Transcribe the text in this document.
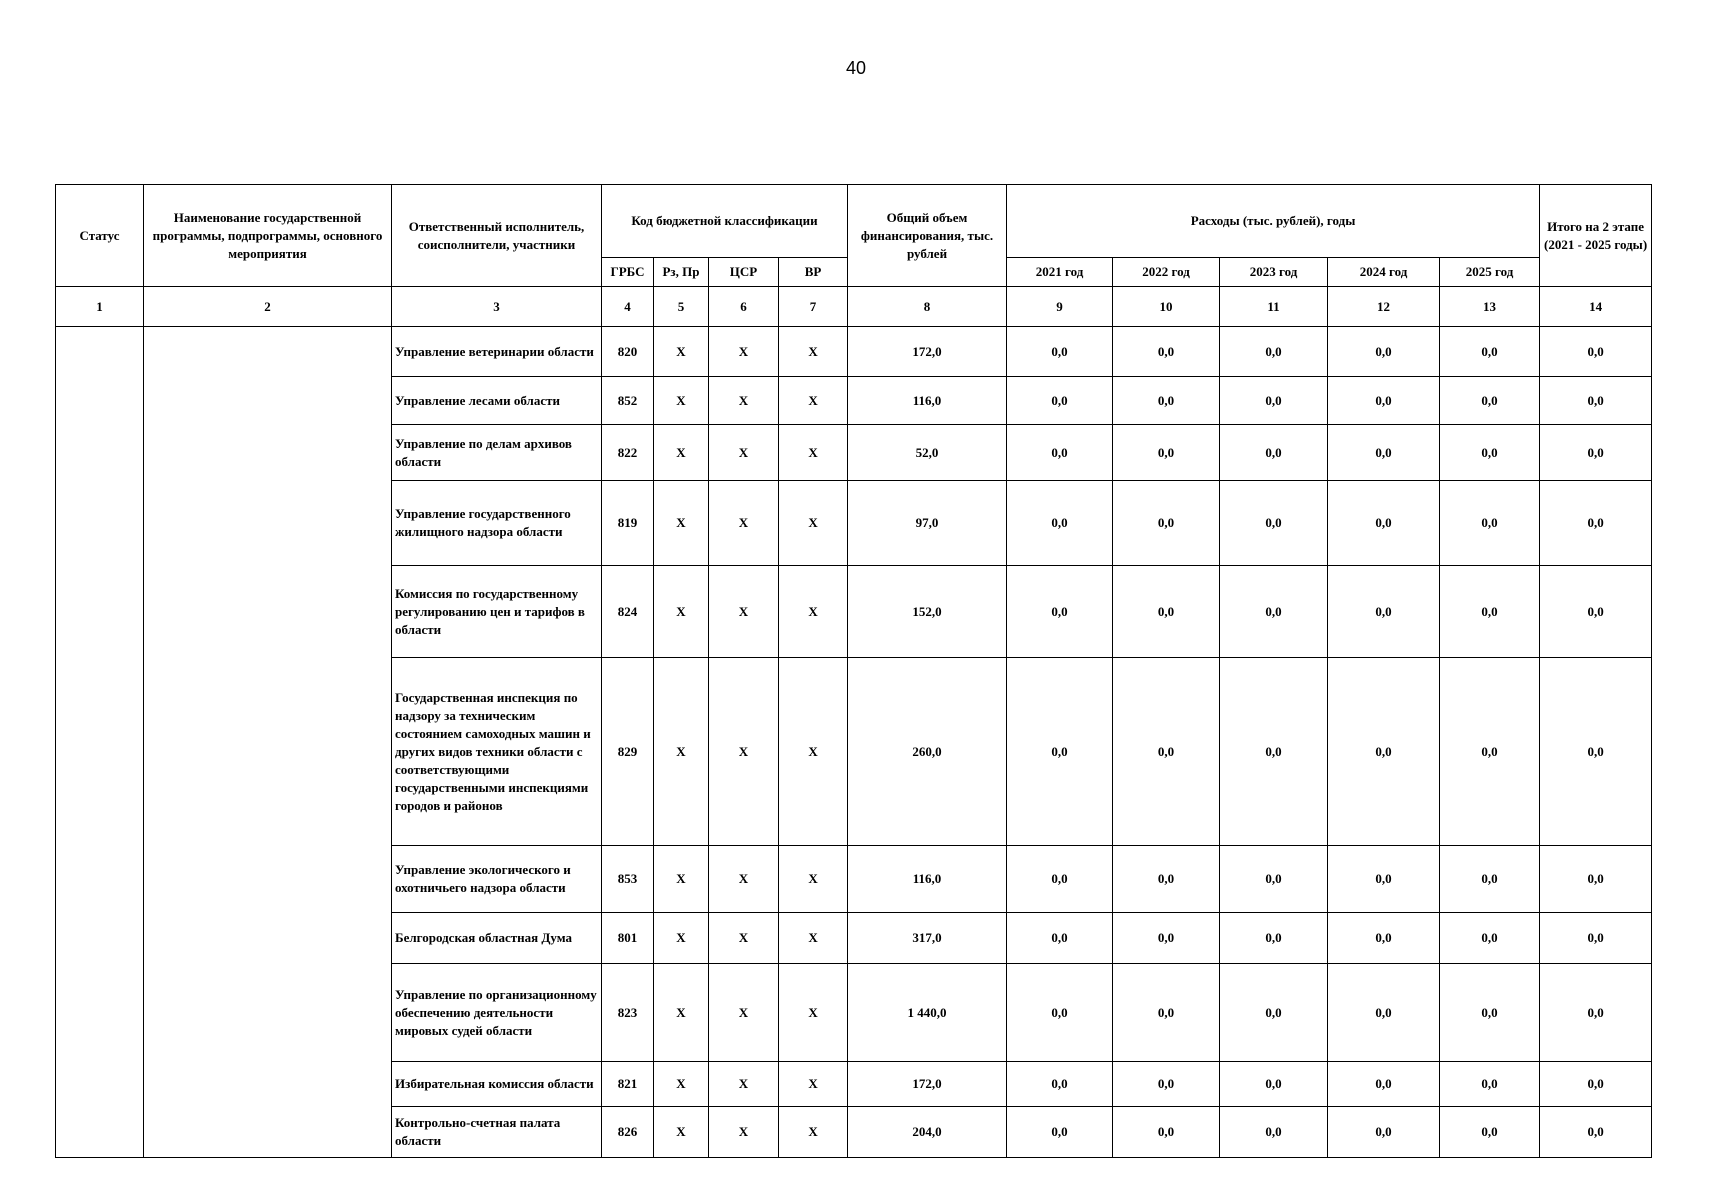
40
Статус	Наименование государственной программы, подпрограммы, основного мероприятия	Ответственный исполнитель, соисполнители, участники	Код бюджетной классификации				Общий объем финансирования, тыс. рублей	Расходы (тыс. рублей), годы					Итого на 2 этапе (2021 - 2025 годы)
			ГРБС	Рз, Пр	ЦСР	ВР		2021 год	2022 год	2023 год	2024 год	2025 год	
1	2	3	4	5	6	7	8	9	10	11	12	13	14
		Управление ветеринарии области	820	X	X	X	172,0	0,0	0,0	0,0	0,0	0,0	0,0
		Управление лесами области	852	X	X	X	116,0	0,0	0,0	0,0	0,0	0,0	0,0
		Управление по делам архивов области	822	X	X	X	52,0	0,0	0,0	0,0	0,0	0,0	0,0
		Управление государственного жилищного надзора области	819	X	X	X	97,0	0,0	0,0	0,0	0,0	0,0	0,0
		Комиссия по государственному регулированию цен и тарифов в области	824	X	X	X	152,0	0,0	0,0	0,0	0,0	0,0	0,0
		Государственная инспекция по надзору за техническим состоянием самоходных машин и других видов техники области с соответствующими государственными инспекциями городов и районов	829	X	X	X	260,0	0,0	0,0	0,0	0,0	0,0	0,0
		Управление экологического и охотничьего надзора области	853	X	X	X	116,0	0,0	0,0	0,0	0,0	0,0	0,0
		Белгородская областная Дума	801	X	X	X	317,0	0,0	0,0	0,0	0,0	0,0	0,0
		Управление по организационному обеспечению деятельности мировых судей области	823	X	X	X	1 440,0	0,0	0,0	0,0	0,0	0,0	0,0
		Избирательная комиссия области	821	X	X	X	172,0	0,0	0,0	0,0	0,0	0,0	0,0
		Контрольно-счетная палата области	826	X	X	X	204,0	0,0	0,0	0,0	0,0	0,0	0,0
